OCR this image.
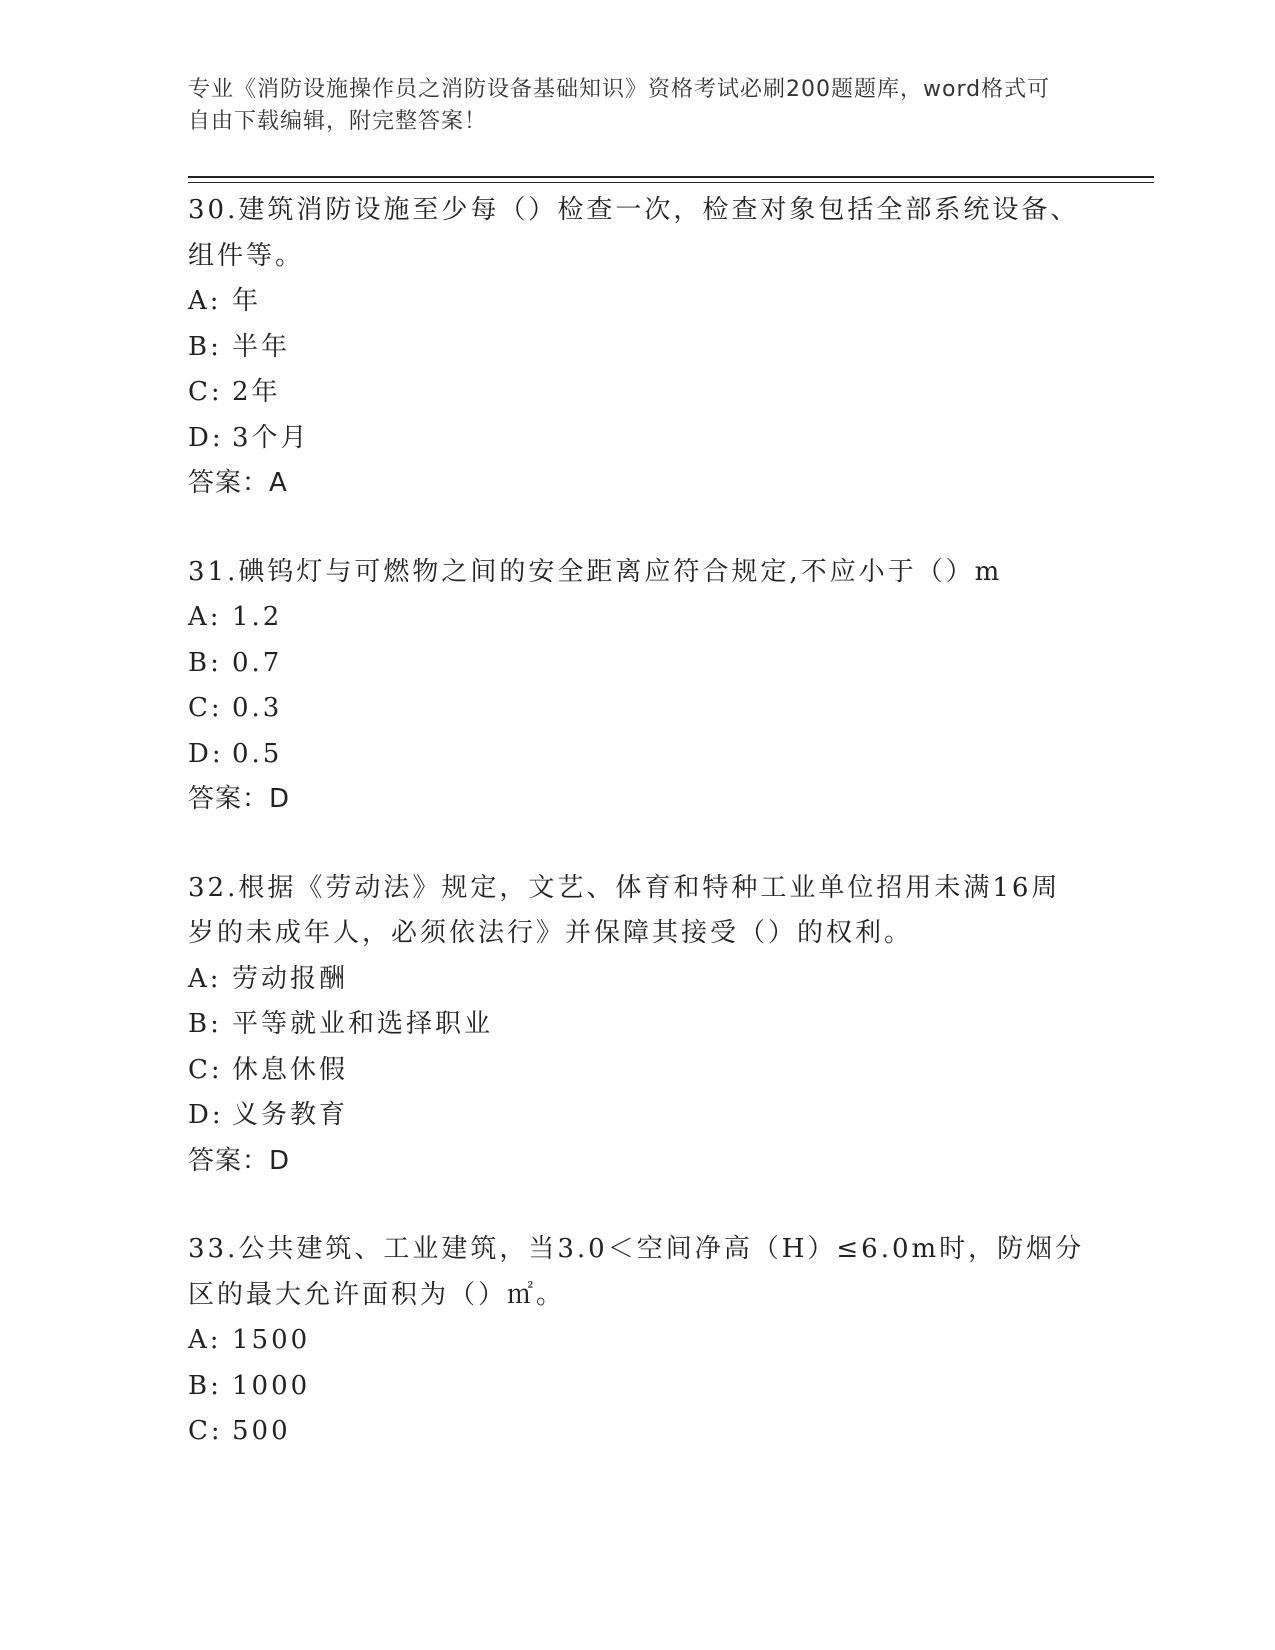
专业《消防设施操作员之消防设备基础知识》资格考试必刷200题题库，word格式可自由下载编辑，附完整答案！

30.建筑消防设施至少每（）检查一次，检查对象包括全部系统设备、组件等。

A: 年
B: 半年
C: 2年
D: 3个月
答案：A

31.碘钨灯与可燃物之间的安全距离应符合规定,不应小于（）m

A: 1.2
B: 0.7
C: 0.3
D: 0.5
答案：D

32.根据《劳动法》规定，文艺、体育和特种工业单位招用未满16周岁的未成年人，必须依法行》并保障其接受（）的权利。

A: 劳动报酬
B: 平等就业和选择职业
C: 休息休假
D: 义务教育
答案：D

33.公共建筑、工业建筑，当3.0＜空间净高（H）≤6.0m时，防烟分区的最大允许面积为（）㎡。

A: 1500
B: 1000
C: 500
